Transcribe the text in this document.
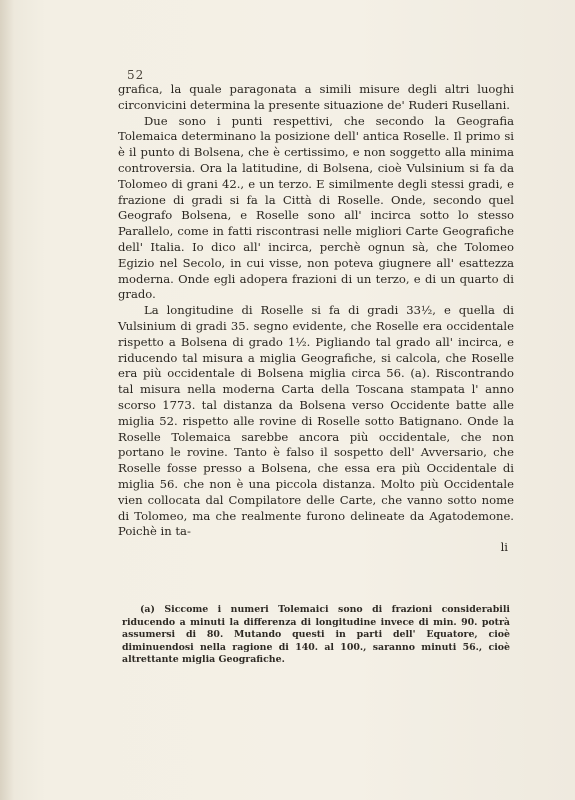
52

grafica, la quale paragonata a simili misure degli altri luoghi circonvicini determina la presente situazione de' Ruderi Rusellani.

Due sono i punti respettivi, che secondo la Geografia Tolemaica determinano la posizione dell' antica Roselle. Il primo si è il punto di Bolsena, che è certissimo, e non soggetto alla minima controversia. Ora la latitudine, di Bolsena, cioè Vulsinium si fa da Tolomeo di grani 42., e un terzo. E similmente degli stessi gradi, e frazione di gradi si fa la Città di Roselle. Onde, secondo quel Geografo Bolsena, e Roselle sono all' incirca sotto lo stesso Parallelo, come in fatti riscontrasi nelle migliori Carte Geografiche dell' Italia. Io dico all' incirca, perchè ognun sà, che Tolomeo Egizio nel Secolo, in cui visse, non poteva giugnere all' esattezza moderna. Onde egli adopera frazioni di un terzo, e di un quarto di grado.

La longitudine di Roselle si fa di gradi 33½, e quella di Vulsinium di gradi 35. segno evidente, che Roselle era occidentale rispetto a Bolsena di grado 1½. Pigliando tal grado all' incirca, e riducendo tal misura a miglia Geografiche, si calcola, che Roselle era più occidentale di Bolsena miglia circa 56. (a). Riscontrando tal misura nella moderna Carta della Toscana stampata l' anno scorso 1773. tal distanza da Bolsena verso Occidente batte alle miglia 52. rispetto alle rovine di Roselle sotto Batignano. Onde la Roselle Tolemaica sarebbe ancora più occidentale, che non portano le rovine. Tanto è falso il sospetto dell' Avversario, che Roselle fosse presso a Bolsena, che essa era più Occidentale di miglia 56. che non è una piccola distanza. Molto più Occidentale vien collocata dal Compilatore delle Carte, che vanno sotto nome di Tolomeo, ma che realmente furono delineate da Agatodemone. Poichè in ta-

li
(a) Siccome i numeri Tolemaici sono di frazioni considerabili riducendo a minuti la differenza di longitudine invece di min. 90. potrà assumersi di 80. Mutando questi in parti dell' Equatore, cioè diminuendosi nella ragione di 140. al 100., saranno minuti 56., cioè altrettante miglia Geografiche.
